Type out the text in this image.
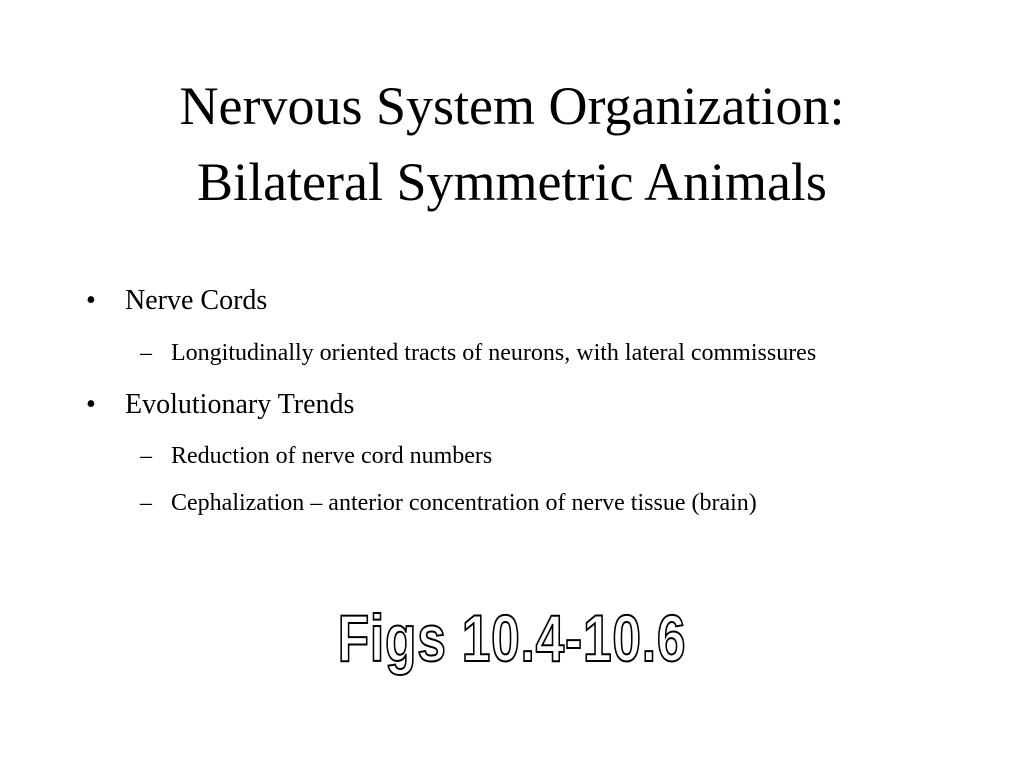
Nervous System Organization:
Bilateral Symmetric Animals
• Nerve Cords
– Longitudinally oriented tracts of neurons, with lateral commissures
• Evolutionary Trends
– Reduction of nerve cord numbers
– Cephalization – anterior concentration of nerve tissue (brain)
Figs 10.4-10.6
